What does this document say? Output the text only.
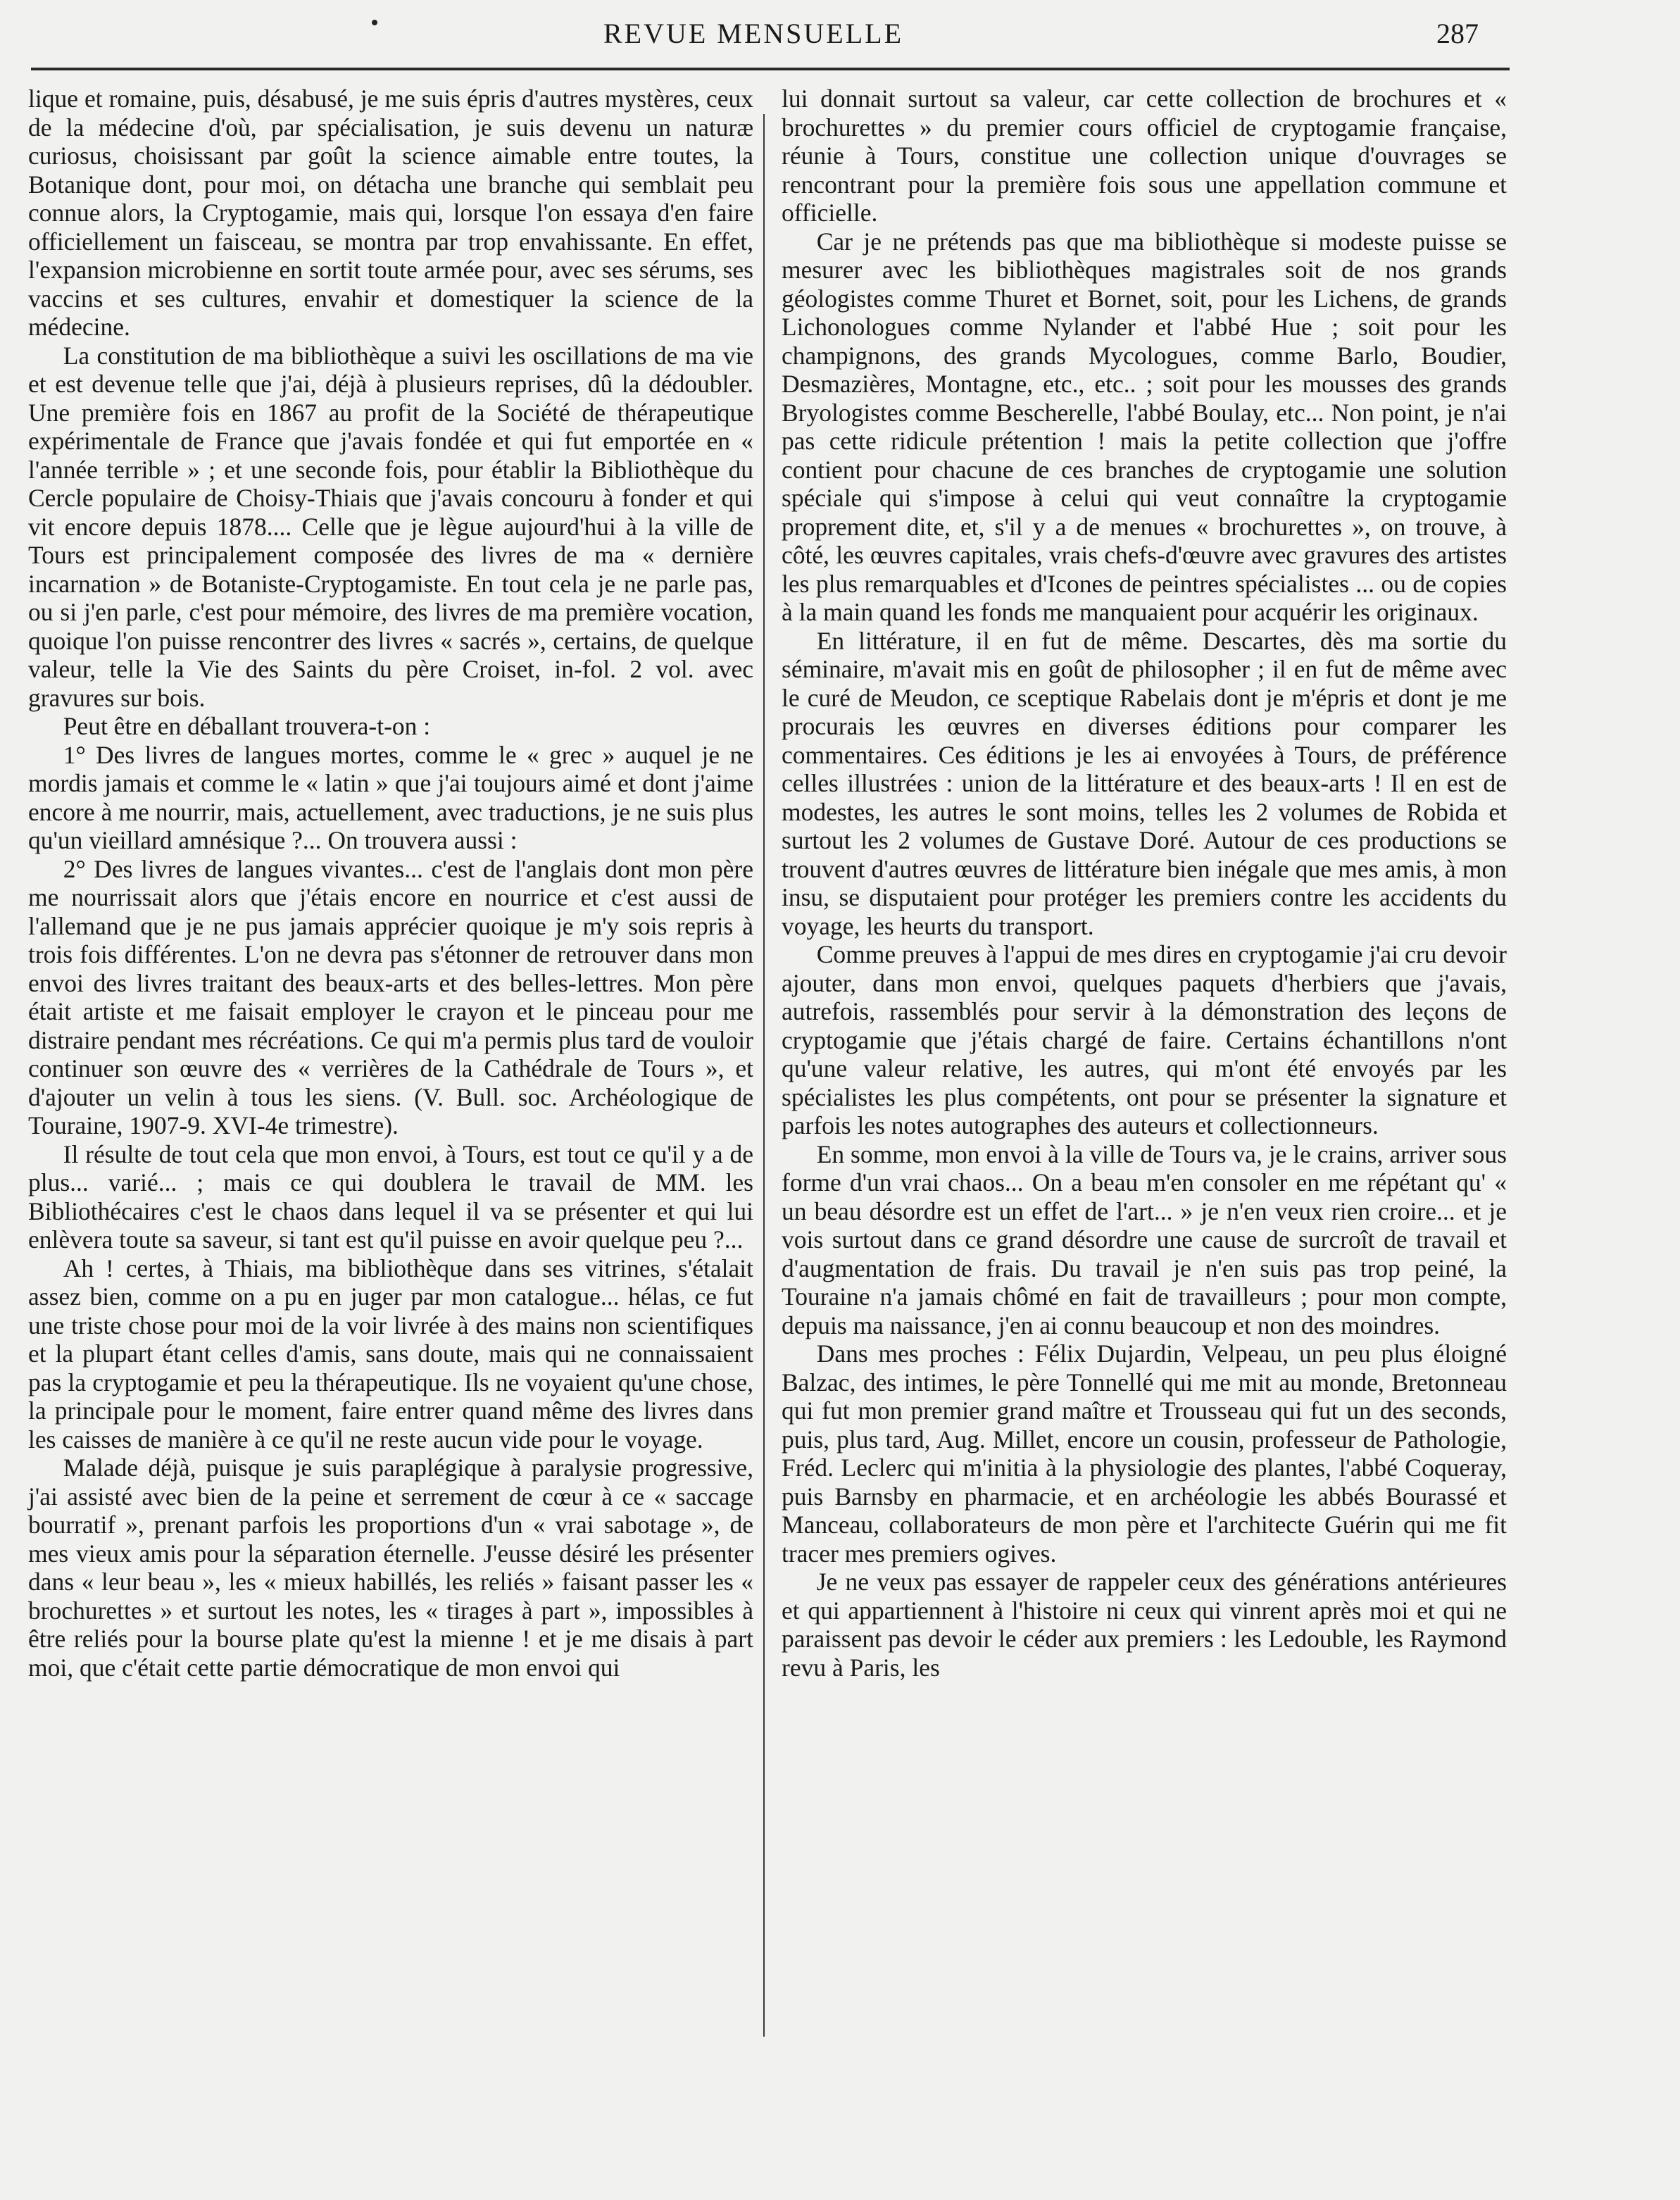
REVUE MENSUELLE	287

lique et romaine, puis, désabusé, je me suis épris d'autres mystères, ceux de la médecine d'où, par spécialisation, je suis devenu un naturæ curiosus, choisissant par goût la science aimable entre toutes, la Botanique dont, pour moi, on détacha une branche qui semblait peu connue alors, la Cryptogamie, mais qui, lorsque l'on essaya d'en faire officiellement un faisceau, se montra par trop envahissante. En effet, l'expansion microbienne en sortit toute armée pour, avec ses sérums, ses vaccins et ses cultures, envahir et domestiquer la science de la médecine.

La constitution de ma bibliothèque a suivi les oscillations de ma vie et est devenue telle que j'ai, déjà à plusieurs reprises, dû la dédoubler. Une première fois en 1867 au profit de la Société de thérapeutique expérimentale de France que j'avais fondée et qui fut emportée en « l'année terrible » ; et une seconde fois, pour établir la Bibliothèque du Cercle populaire de Choisy-Thiais que j'avais concouru à fonder et qui vit encore depuis 1878.... Celle que je lègue aujourd'hui à la ville de Tours est principalement composée des livres de ma « dernière incarnation » de Botaniste-Cryptogamiste. En tout cela je ne parle pas, ou si j'en parle, c'est pour mémoire, des livres de ma première vocation, quoique l'on puisse rencontrer des livres « sacrés », certains, de quelque valeur, telle la Vie des Saints du père Croiset, in-fol. 2 vol. avec gravures sur bois.

Peut être en déballant trouvera-t-on :

1° Des livres de langues mortes, comme le « grec » auquel je ne mordis jamais et comme le « latin » que j'ai toujours aimé et dont j'aime encore à me nourrir, mais, actuellement, avec traductions, je ne suis plus qu'un vieillard amnésique ?... On trouvera aussi :

2° Des livres de langues vivantes... c'est de l'anglais dont mon père me nourrissait alors que j'étais encore en nourrice et c'est aussi de l'allemand que je ne pus jamais apprécier quoique je m'y sois repris à trois fois différentes. L'on ne devra pas s'étonner de retrouver dans mon envoi des livres traitant des beaux-arts et des belles-lettres. Mon père était artiste et me faisait employer le crayon et le pinceau pour me distraire pendant mes récréations. Ce qui m'a permis plus tard de vouloir continuer son œuvre des « verrières de la Cathédrale de Tours », et d'ajouter un velin à tous les siens. (V. Bull. soc. Archéologique de Touraine, 1907-9. XVI-4e trimestre).

Il résulte de tout cela que mon envoi, à Tours, est tout ce qu'il y a de plus... varié... ; mais ce qui doublera le travail de MM. les Bibliothécaires c'est le chaos dans lequel il va se présenter et qui lui enlèvera toute sa saveur, si tant est qu'il puisse en avoir quelque peu ?...

Ah ! certes, à Thiais, ma bibliothèque dans ses vitrines, s'étalait assez bien, comme on a pu en juger par mon catalogue... hélas, ce fut une triste chose pour moi de la voir livrée à des mains non scientifiques et la plupart étant celles d'amis, sans doute, mais qui ne connaissaient pas la cryptogamie et peu la thérapeutique. Ils ne voyaient qu'une chose, la principale pour le moment, faire entrer quand même des livres dans les caisses de manière à ce qu'il ne reste aucun vide pour le voyage.

Malade déjà, puisque je suis paraplégique à paralysie progressive, j'ai assisté avec bien de la peine et serrement de cœur à ce « saccage bourratif », prenant parfois les proportions d'un « vrai sabotage », de mes vieux amis pour la séparation éternelle. J'eusse désiré les présenter dans « leur beau », les « mieux habillés, les reliés » faisant passer les « brochurettes » et surtout les notes, les « tirages à part », impossibles à être reliés pour la bourse plate qu'est la mienne ! et je me disais à part moi, que c'était cette partie démocratique de mon envoi qui

lui donnait surtout sa valeur, car cette collection de brochures et « brochurettes » du premier cours officiel de cryptogamie française, réunie à Tours, constitue une collection unique d'ouvrages se rencontrant pour la première fois sous une appellation commune et officielle.

Car je ne prétends pas que ma bibliothèque si modeste puisse se mesurer avec les bibliothèques magistrales soit de nos grands géologistes comme Thuret et Bornet, soit, pour les Lichens, de grands Lichonologues comme Nylander et l'abbé Hue ; soit pour les champignons, des grands Mycologues, comme Barlo, Boudier, Desmazières, Montagne, etc., etc.. ; soit pour les mousses des grands Bryologistes comme Bescherelle, l'abbé Boulay, etc... Non point, je n'ai pas cette ridicule prétention ! mais la petite collection que j'offre contient pour chacune de ces branches de cryptogamie une solution spéciale qui s'impose à celui qui veut connaître la cryptogamie proprement dite, et, s'il y a de menues « brochurettes », on trouve, à côté, les œuvres capitales, vrais chefs-d'œuvre avec gravures des artistes les plus remarquables et d'Icones de peintres spécialistes ... ou de copies à la main quand les fonds me manquaient pour acquérir les originaux.

En littérature, il en fut de même. Descartes, dès ma sortie du séminaire, m'avait mis en goût de philosopher ; il en fut de même avec le curé de Meudon, ce sceptique Rabelais dont je m'épris et dont je me procurais les œuvres en diverses éditions pour comparer les commentaires. Ces éditions je les ai envoyées à Tours, de préférence celles illustrées : union de la littérature et des beaux-arts ! Il en est de modestes, les autres le sont moins, telles les 2 volumes de Robida et surtout les 2 volumes de Gustave Doré. Autour de ces productions se trouvent d'autres œuvres de littérature bien inégale que mes amis, à mon insu, se disputaient pour protéger les premiers contre les accidents du voyage, les heurts du transport.

Comme preuves à l'appui de mes dires en cryptogamie j'ai cru devoir ajouter, dans mon envoi, quelques paquets d'herbiers que j'avais, autrefois, rassemblés pour servir à la démonstration des leçons de cryptogamie que j'étais chargé de faire. Certains échantillons n'ont qu'une valeur relative, les autres, qui m'ont été envoyés par les spécialistes les plus compétents, ont pour se présenter la signature et parfois les notes autographes des auteurs et collectionneurs.

En somme, mon envoi à la ville de Tours va, je le crains, arriver sous forme d'un vrai chaos... On a beau m'en consoler en me répétant qu' « un beau désordre est un effet de l'art... » je n'en veux rien croire... et je vois surtout dans ce grand désordre une cause de surcroît de travail et d'augmentation de frais. Du travail je n'en suis pas trop peiné, la Touraine n'a jamais chômé en fait de travailleurs ; pour mon compte, depuis ma naissance, j'en ai connu beaucoup et non des moindres.

Dans mes proches : Félix Dujardin, Velpeau, un peu plus éloigné Balzac, des intimes, le père Tonnellé qui me mit au monde, Bretonneau qui fut mon premier grand maître et Trousseau qui fut un des seconds, puis, plus tard, Aug. Millet, encore un cousin, professeur de Pathologie, Fréd. Leclerc qui m'initia à la physiologie des plantes, l'abbé Coqueray, puis Barnsby en pharmacie, et en archéologie les abbés Bourassé et Manceau, collaborateurs de mon père et l'architecte Guérin qui me fit tracer mes premiers ogives.

Je ne veux pas essayer de rappeler ceux des générations antérieures et qui appartiennent à l'histoire ni ceux qui vinrent après moi et qui ne paraissent pas devoir le céder aux premiers : les Ledouble, les Raymond revu à Paris, les
